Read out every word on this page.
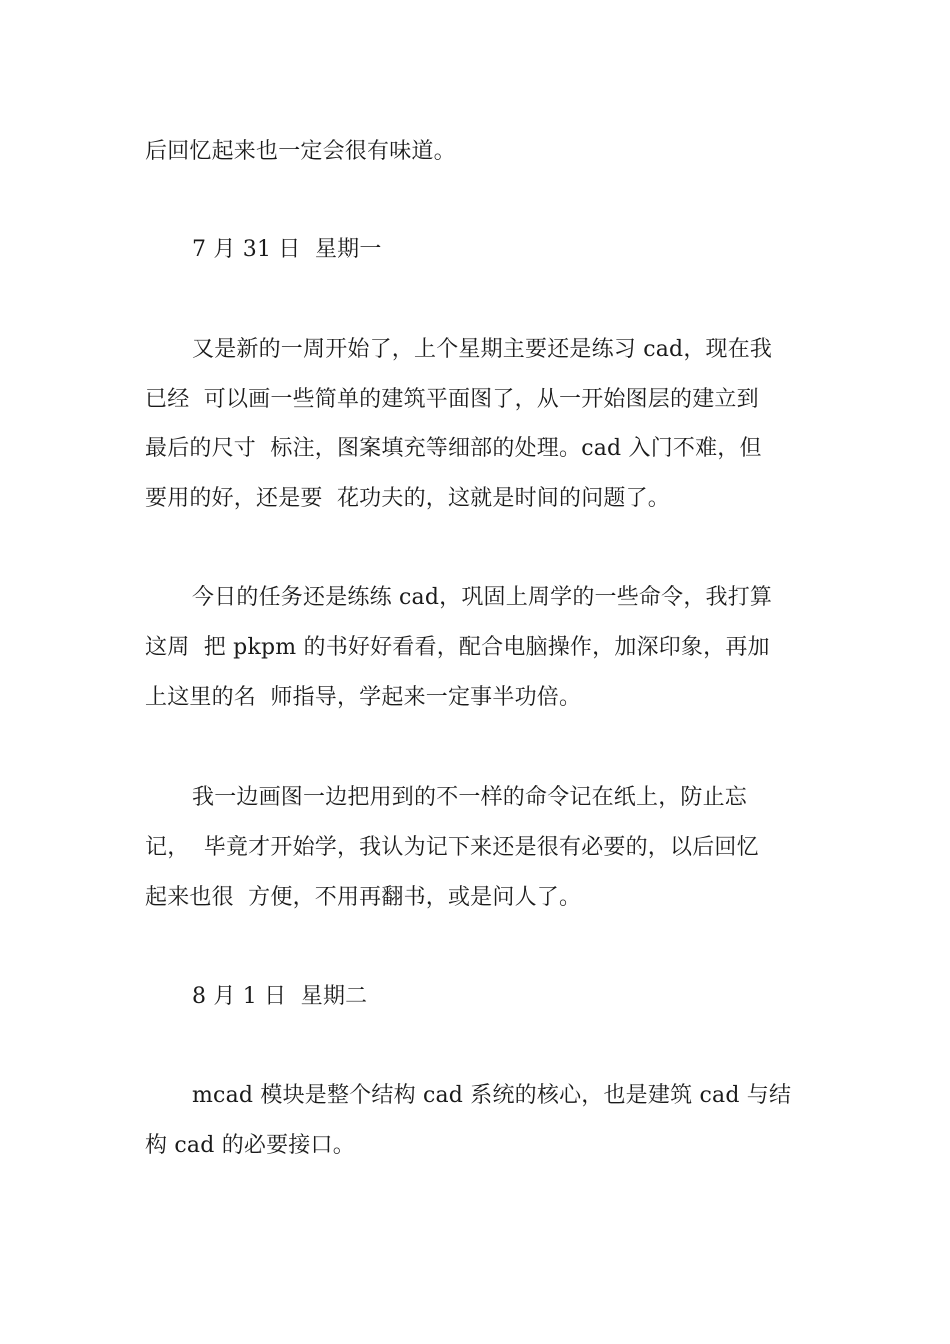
后回忆起来也一定会很有味道。
7 月 31 日  星期一
又是新的一周开始了，上个星期主要还是练习 cad，现在我
已经  可以画一些简单的建筑平面图了，从一开始图层的建立到
最后的尺寸  标注，图案填充等细部的处理。cad 入门不难，但
要用的好，还是要  花功夫的，这就是时间的问题了。
今日的任务还是练练 cad，巩固上周学的一些命令，我打算
这周  把 pkpm 的书好好看看，配合电脑操作，加深印象，再加
上这里的名  师指导，学起来一定事半功倍。
我一边画图一边把用到的不一样的命令记在纸上，防止忘
记，  毕竟才开始学，我认为记下来还是很有必要的，以后回忆
起来也很  方便，不用再翻书，或是问人了。
8 月 1 日  星期二
mcad 模块是整个结构 cad 系统的核心，也是建筑 cad 与结
构 cad 的必要接口。
